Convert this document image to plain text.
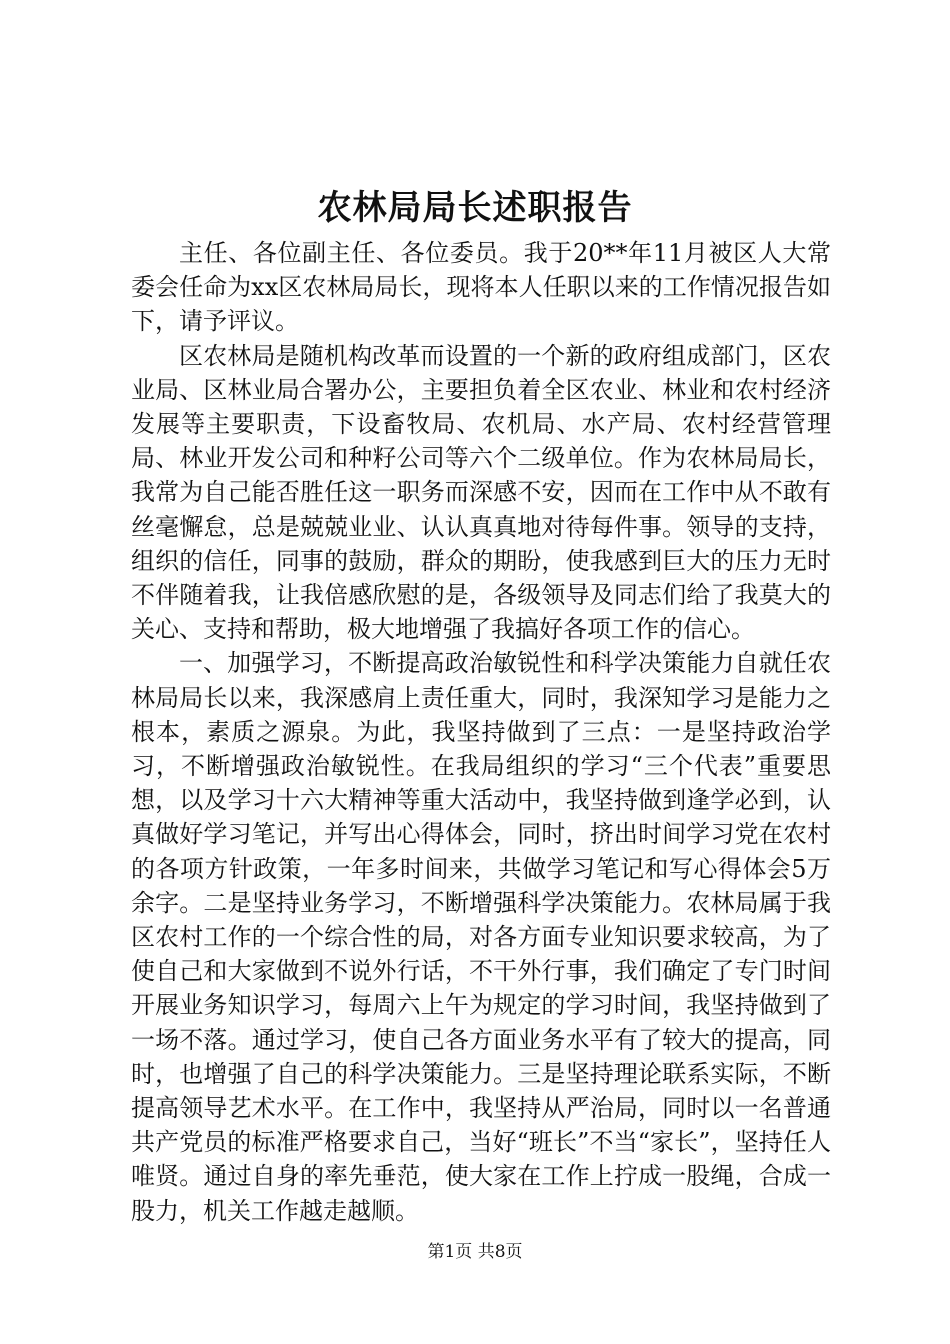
农林局局长述职报告

主任、各位副主任、各位委员。我于20**年11月被区人大常委会任命为xx区农林局局长，现将本人任职以来的工作情况报告如下，请予评议。

区农林局是随机构改革而设置的一个新的政府组成部门，区农业局、区林业局合署办公，主要担负着全区农业、林业和农村经济发展等主要职责，下设畜牧局、农机局、水产局、农村经营管理局、林业开发公司和种籽公司等六个二级单位。作为农林局局长，我常为自己能否胜任这一职务而深感不安，因而在工作中从不敢有丝毫懈怠，总是兢兢业业、认认真真地对待每件事。领导的支持，组织的信任，同事的鼓励，群众的期盼，使我感到巨大的压力无时不伴随着我，让我倍感欣慰的是，各级领导及同志们给了我莫大的关心、支持和帮助，极大地增强了我搞好各项工作的信心。

一、加强学习，不断提高政治敏锐性和科学决策能力自就任农林局局长以来，我深感肩上责任重大，同时，我深知学习是能力之根本，素质之源泉。为此，我坚持做到了三点：一是坚持政治学习，不断增强政治敏锐性。在我局组织的学习“三个代表”重要思想，以及学习十六大精神等重大活动中，我坚持做到逢学必到，认真做好学习笔记，并写出心得体会，同时，挤出时间学习党在农村的各项方针政策，一年多时间来，共做学习笔记和写心得体会5万余字。二是坚持业务学习，不断增强科学决策能力。农林局属于我区农村工作的一个综合性的局，对各方面专业知识要求较高，为了使自己和大家做到不说外行话，不干外行事，我们确定了专门时间开展业务知识学习，每周六上午为规定的学习时间，我坚持做到了一场不落。通过学习，使自己各方面业务水平有了较大的提高，同时，也增强了自己的科学决策能力。三是坚持理论联系实际，不断提高领导艺术水平。在工作中，我坚持从严治局，同时以一名普通共产党员的标准严格要求自己，当好“班长”不当“家长”，坚持任人唯贤。通过自身的率先垂范，使大家在工作上拧成一股绳，合成一股力，机关工作越走越顺。

第1页 共8页
